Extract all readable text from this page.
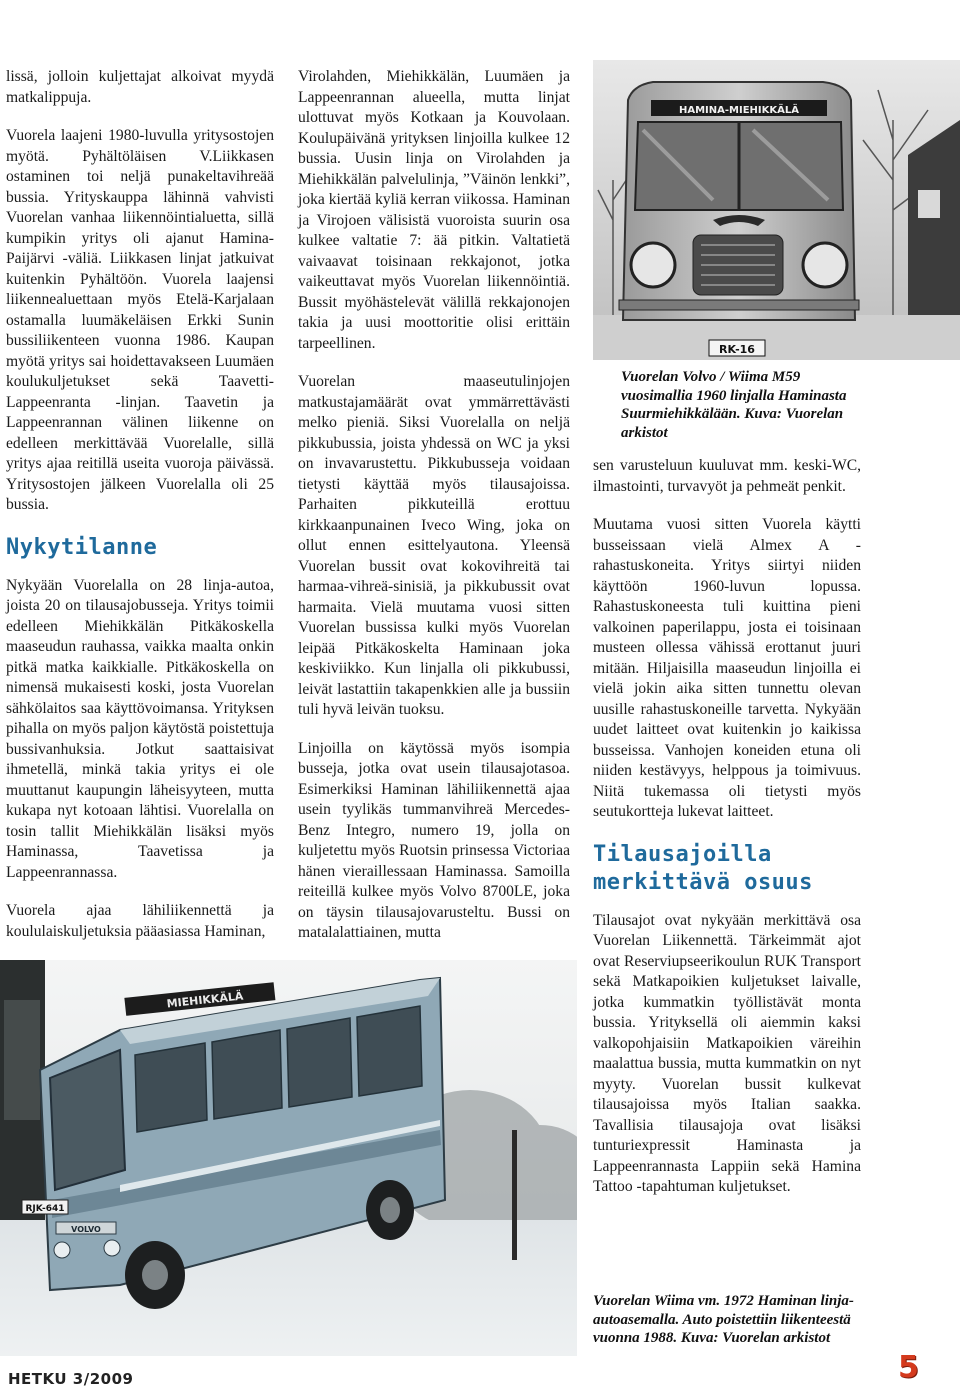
lissä, jolloin kuljettajat alkoivat myydä matkalippuja.

Vuorela laajeni 1980-luvulla yritysostojen myötä. Pyhältöläisen V.Liikkasen ostaminen toi neljä punakeltavihreää bussia. Yrityskauppa lähinnä vahvisti Vuorelan vanhaa liikennöintialuetta, sillä kumpikin yritys oli ajanut Hamina-Paijärvi -väliä. Liikkasen linjat jatkuivat kuitenkin Pyhältöön. Vuorela laajensi liikennealuettaan myös Etelä-Karjalaan ostamalla luumäkeläisen Erkki Sunin bussiliikenteen vuonna 1986. Kaupan myötä yritys sai hoidettavakseen Luumäen koulukuljetukset sekä Taavetti-Lappeenranta -linjan. Taavetin ja Lappeenrannan välinen liikenne on edelleen merkittävää Vuorelalle, sillä yritys ajaa reitillä useita vuoroja päivässä. Yritysostojen jälkeen Vuorelalla oli 25 bussia.

Nykytilanne

Nykyään Vuorelalla on 28 linja-autoa, joista 20 on tilausajobusseja. Yritys toimii edelleen Miehikkälän Pitkäkoskella maaseudun rauhassa, vaikka maalta onkin pitkä matka kaikkialle. Pitkäkoskella on nimensä mukaisesti koski, josta Vuorelan sähkölaitos saa käyttövoimansa. Yrityksen pihalla on myös paljon käytöstä poistettuja bussivanhuksia. Jotkut saattaisivat ihmetellä, minkä takia yritys ei ole muuttanut kaupungin läheisyyteen, mutta kukapa nyt kotoaan lähtisi. Vuorelalla on tosin tallit Miehikkälän lisäksi myös Haminassa, Taavetissa ja Lappeenrannassa.

Vuorela ajaa lähiliikennettä ja koululaiskuljetuksia pääasiassa Haminan,

Virolahden, Miehikkälän, Luumäen ja Lappeenrannan alueella, mutta linjat ulottuvat myös Kotkaan ja Kouvolaan. Koulupäivänä yrityksen linjoilla kulkee 12 bussia. Uusin linja on Virolahden ja Miehikkälän palvelulinja, ”Väinön lenkki”, joka kiertää kyliä kerran viikossa. Haminan ja Virojoen välisistä vuoroista suurin osa kulkee valtatie 7: ää pitkin. Valtatietä vaivaavat toisinaan rekkajonot, jotka vaikeuttavat myös Vuorelan liikennöintiä. Bussit myöhästelevät välillä rekkajonojen takia ja uusi moottoritie olisi erittäin tarpeellinen.

Vuorelan maaseutulinjojen matkustajamäärät ovat ymmärrettävästi melko pieniä. Siksi Vuorelalla on neljä pikkubussia, joista yhdessä on WC ja yksi on invavarustettu. Pikkubusseja voidaan tietysti käyttää myös tilausajoissa. Parhaiten pikkuteillä erottuu kirkkaanpunainen Iveco Wing, joka on ollut ennen esittelyautona. Yleensä Vuorelan bussit ovat kokovihreitä tai harmaa-vihreä-sinisiä, ja pikkubussit ovat harmaita. Vielä muutama vuosi sitten Vuorelan bussissa kulki myös Vuorelan leipää Pitkäkoskelta Haminaan joka keskiviikko. Kun linjalla oli pikkubussi, leivät lastattiin takapenkkien alle ja bussiin tuli hyvä leivän tuoksu.

Linjoilla on käytössä myös isompia busseja, jotka ovat usein tilausajotasoa. Esimerkiksi Haminan lähiliikennettä ajaa usein tyylikäs tummanvihreä Mercedes-Benz Integro, numero 19, jolla on kuljetettu myös Ruotsin prinsessa Victoriaa hänen vieraillessaan Haminassa. Samoilla reiteillä kulkee myös Volvo 8700LE, joka on täysin tilausajovarusteltu. Bussi on matalalattiainen, mutta

HAMINA-MIEHIKKÄLÄ
RK-16
Vuorelan Volvo / Wiima M59 vuosimallia 1960 linjalla Haminasta Suurmiehikkälään. Kuva: Vuorelan arkistot

sen varusteluun kuuluvat mm. keski-WC, ilmastointi, turvavyöt ja pehmeät penkit.

Muutama vuosi sitten Vuorela käytti busseissaan vielä Almex A -rahastuskoneita. Yritys siirtyi niiden käyttöön 1960-luvun lopussa. Rahastuskoneesta tuli kuittina pieni valkoinen paperilappu, josta ei toisinaan musteen ollessa vähissä erottanut juuri mitään. Hiljaisilla maaseudun linjoilla ei vielä jokin aika sitten tunnettu olevan uusille rahastuskoneille tarvetta. Nykyään uudet laitteet ovat kuitenkin jo kaikissa busseissa. Vanhojen koneiden etuna oli niiden kestävyys, helppous ja toimivuus. Niitä tukemassa oli tietysti myös seutukortteja lukevat laitteet.

Tilausajoilla merkittävä osuus

Tilausajot ovat nykyään merkittävä osa Vuorelan Liikennettä. Tärkeimmät ajot ovat Reserviupseerikoulun RUK Transport sekä Matkapoikien kuljetukset laivalle, jotka kummatkin työllistävät monta bussia. Yrityksellä oli aiemmin kaksi valkopohjaisiin Matkapoikien väreihin maalattua bussia, mutta kummatkin on nyt myyty. Vuorelan bussit kulkevat tilausajoissa myös Italian saakka. Tavallisia tilausajoja ovat lisäksi tunturiexpressit Haminasta ja Lappeenrannasta Lappiin sekä Hamina Tattoo -tapahtuman kuljetukset.

MIEHIKKÄLÄ
VOLVO
RJK-641
Vuorelan Wiima vm. 1972 Haminan linja-autoasemalla. Auto poistettiin liikenteestä vuonna 1988. Kuva: Vuorelan arkistot
HETKU 3/2009	5
